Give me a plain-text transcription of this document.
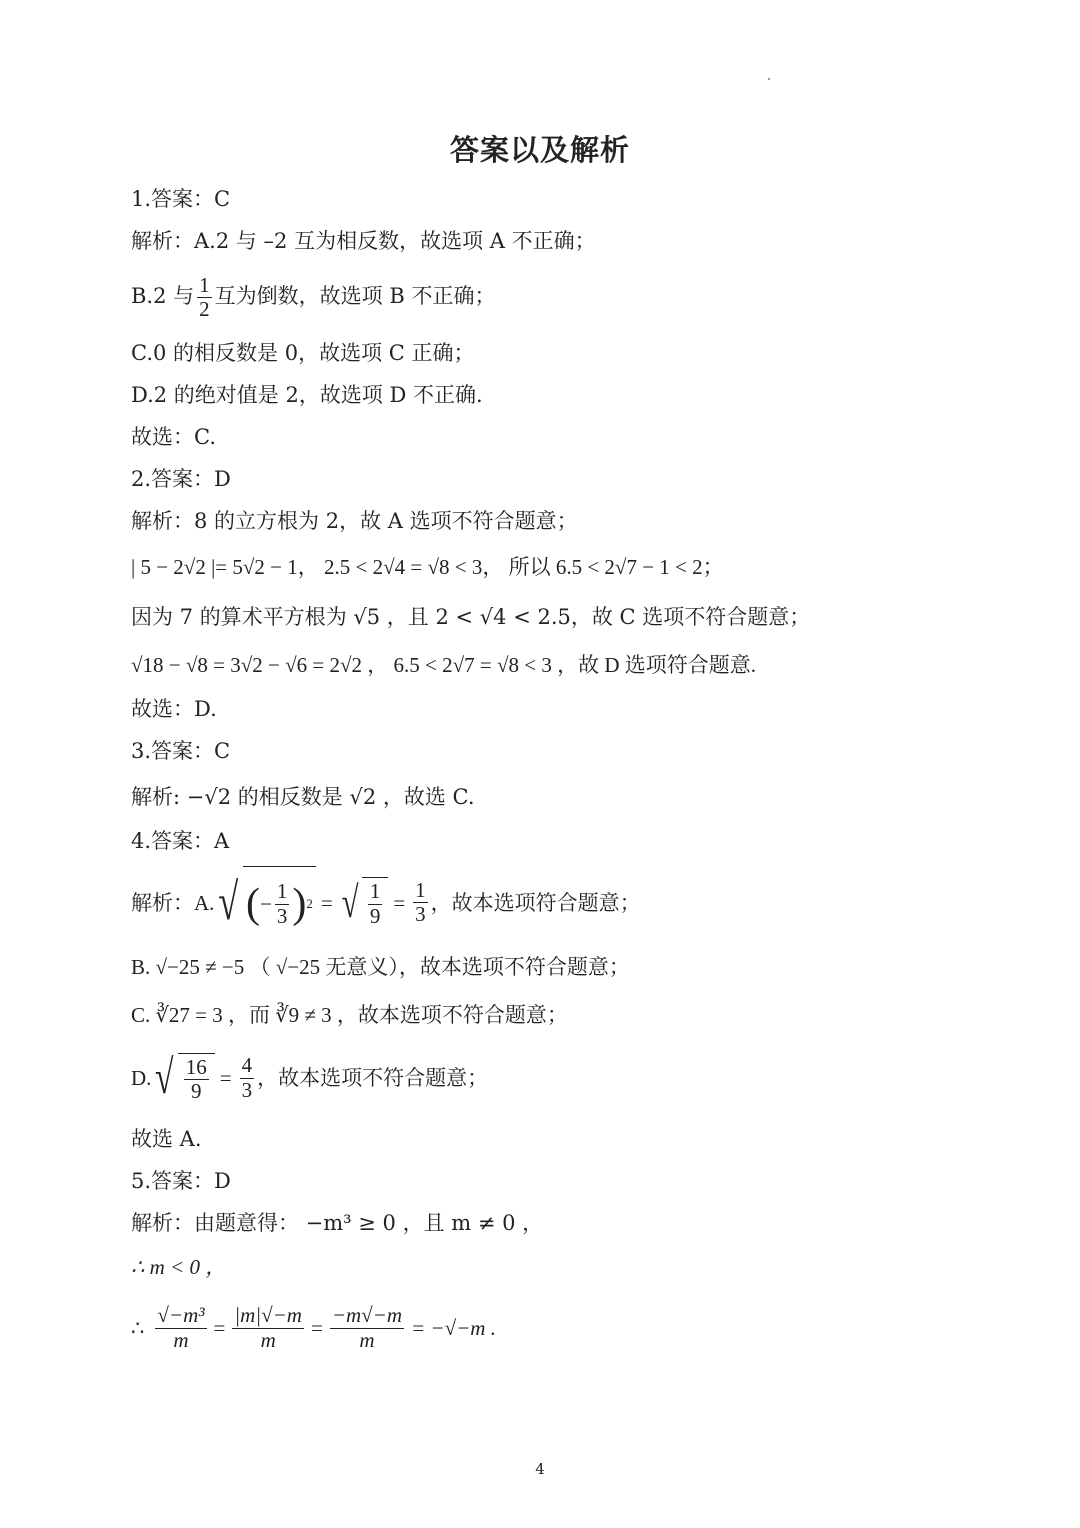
答案以及解析
1.答案：C
解析：A.2 与 –2 互为相反数，故选项 A 不正确；
B.2 与 $\frac{1}{2}$ 互为倒数，故选项 B 不正确；
C.0 的相反数是 0，故选项 C 正确；
D.2 的绝对值是 2，故选项 D 不正确.
故选：C.
2.答案：D
解析：8 的立方根为 2，故 A 选项不符合题意；
| 5 − 2√2 |= 5√2 − 1， 2.5 < 2√4 = √8 < 3， 所以 6.5 < 2√7 − 1 < 2；
因为 7 的算术平方根为 √5 ，且 2 < √4 < 2.5，故 C 选项不符合题意；
√18 − √8 = 3√2 − √6 = 2√2 ， 6.5 < 2√7 = √8 < 3 ，故 D 选项符合题意.
故选：D.
3.答案：C
解析: −√2 的相反数是 √2 ，故选 C.
4.答案：A
解析：A. √ ( − $\frac{1}{3}$ ) 2 = √ $\frac{1}{9} = \frac{1}{3}$ ，故本选项符合题意；
B. √−25 ≠ −5 （ √−25 无意义），故本选项不符合题意；
C. ∛27 = 3 ，而 ∛9 ≠ 3 ，故本选项不符合题意；
D. √ $\frac{16}{9} = \frac{4}{3}$ ，故本选项不符合题意；
故选 A.
5.答案：D
解析：由题意得： −m³ ≥ 0 ，且 m ≠ 0 ，
∴ m < 0 ，
∴ $\frac{\text{√−m³}}{m} = \frac{|m|√-m}{m} = \frac{-m√-m}{m} = -√-m$ .
4
